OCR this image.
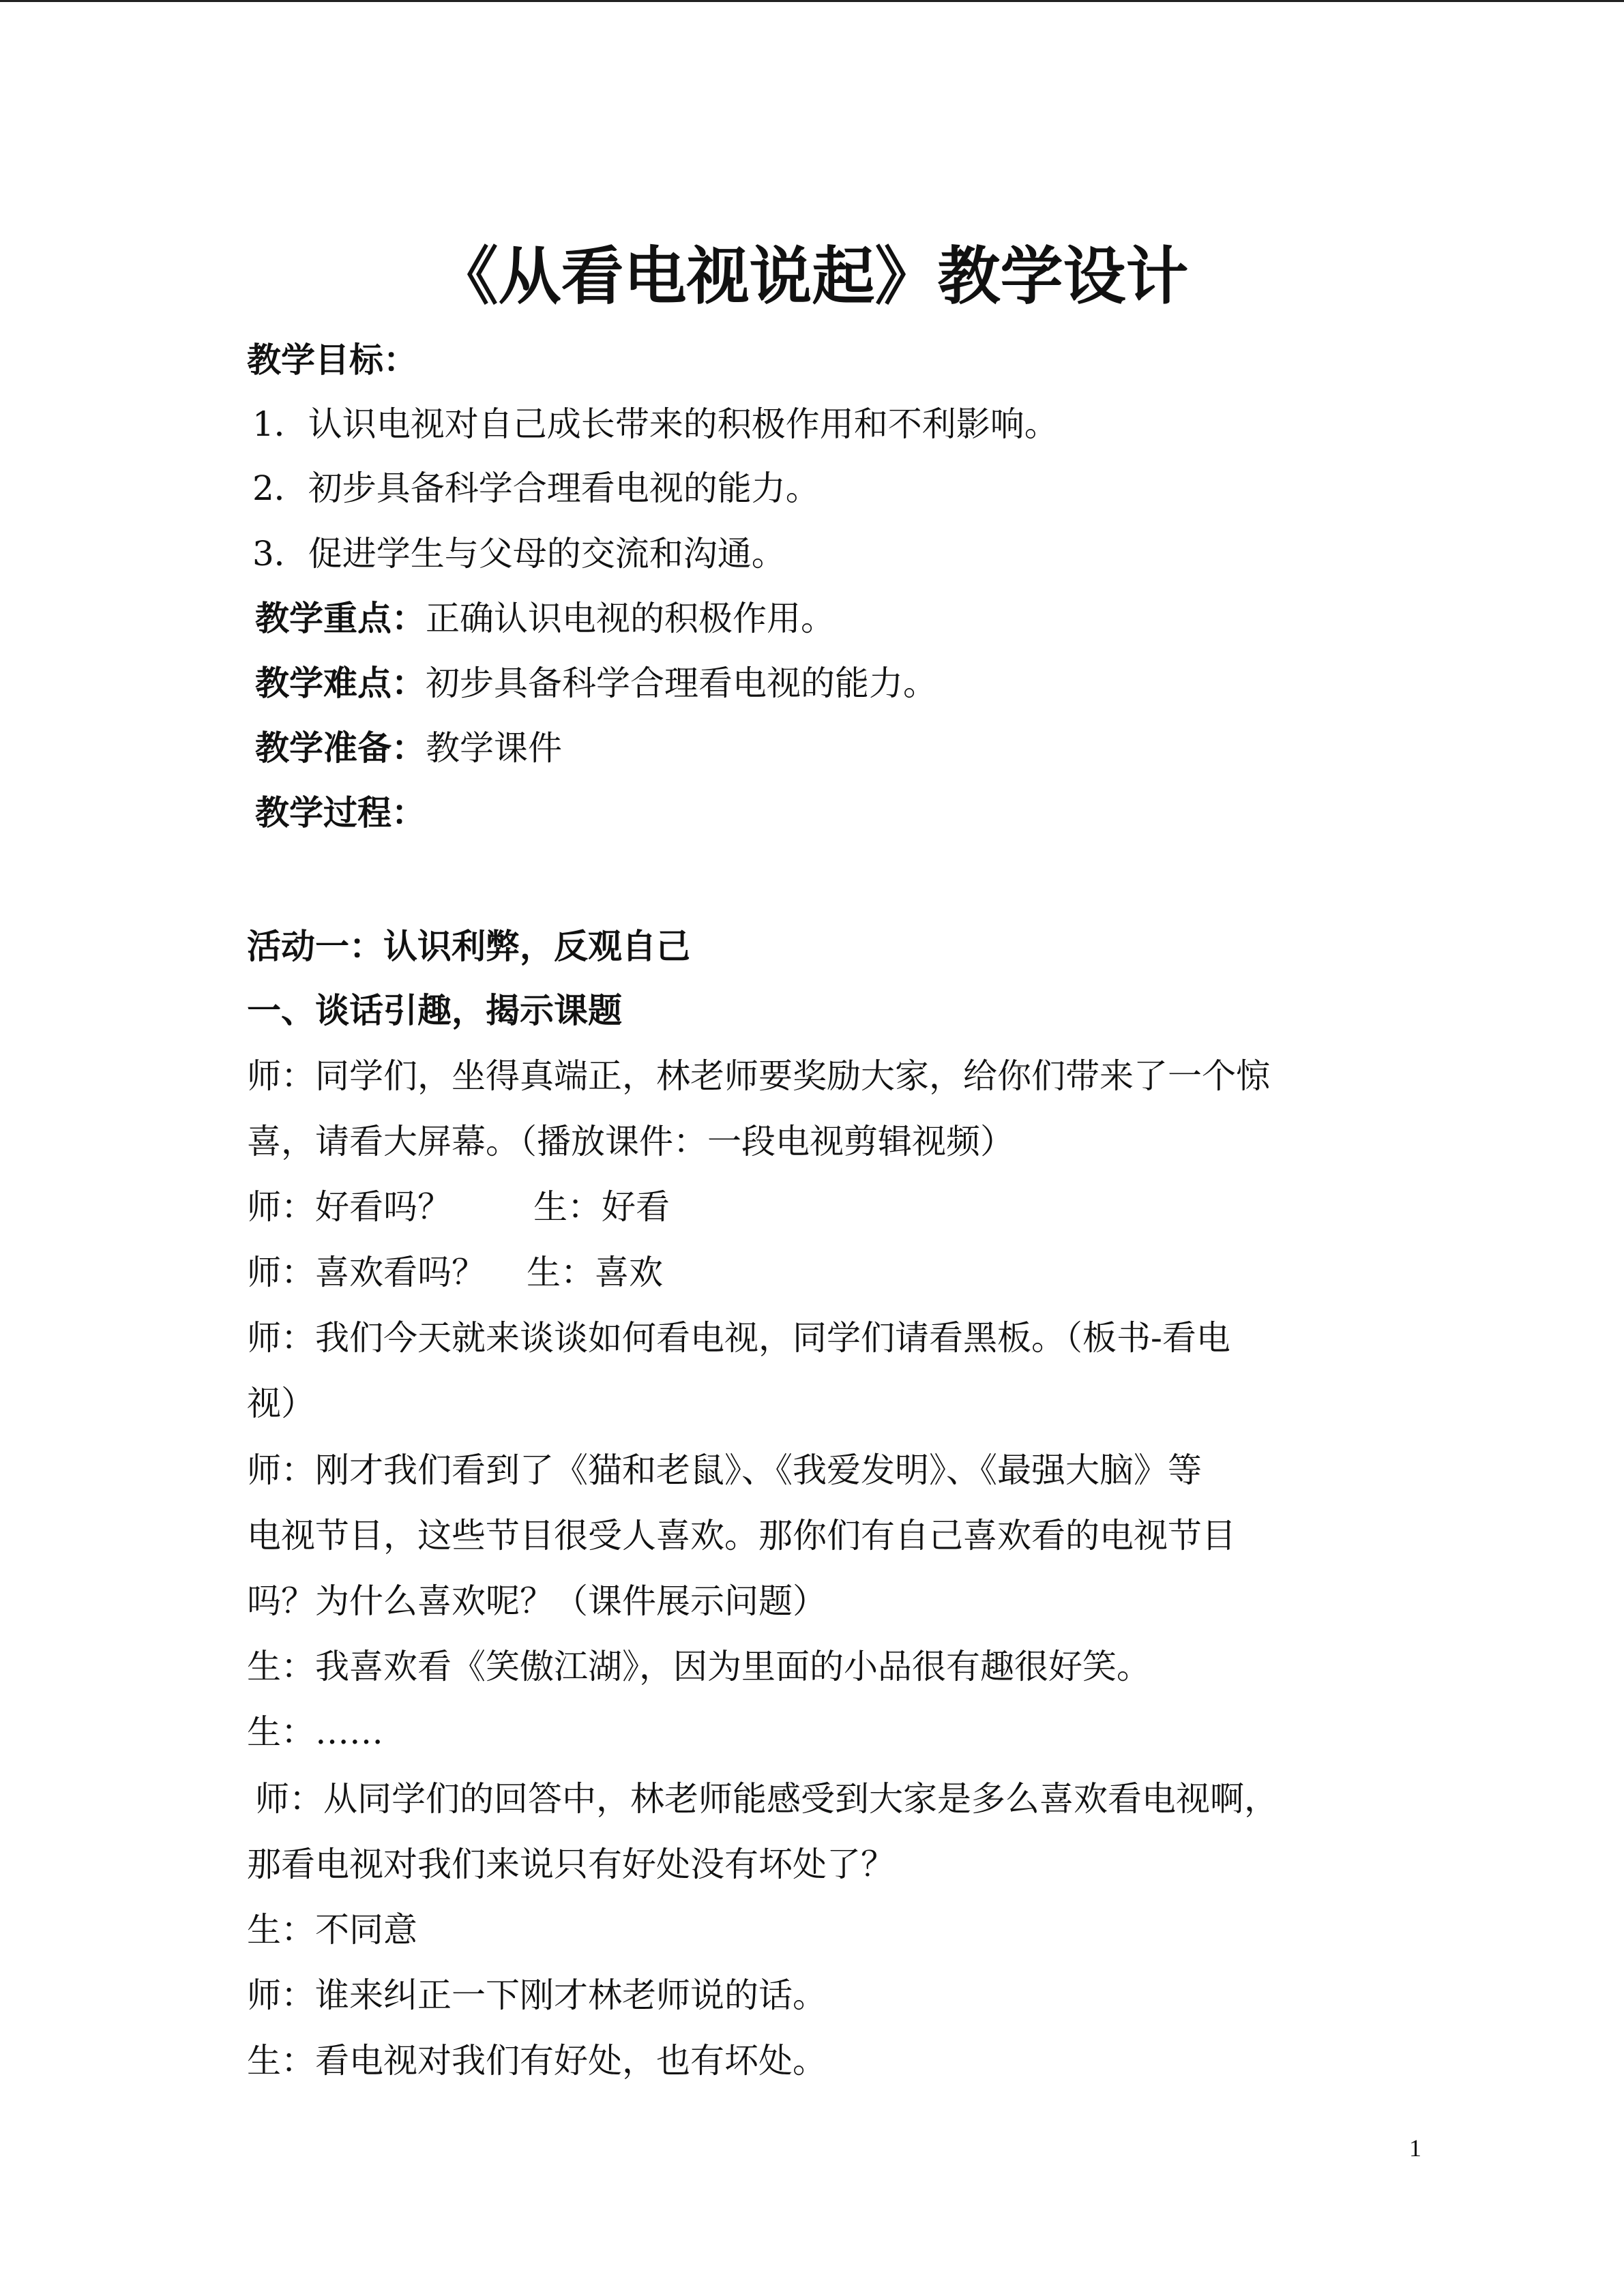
《从看电视说起》教学设计
教学目标：
1．认识电视对自己成长带来的积极作用和不利影响。
2．初步具备科学合理看电视的能力。
3．促进学生与父母的交流和沟通。
教学重点：正确认识电视的积极作用。
教学难点：初步具备科学合理看电视的能力。
教学准备：教学课件
教学过程：
活动一：认识利弊，反观自己
一、谈话引趣，揭示课题
师：同学们，坐得真端正，林老师要奖励大家，给你们带来了一个惊
喜，请看大屏幕。（播放课件：一段电视剪辑视频）
师：好看吗？ 生：好看
师：喜欢看吗？ 生：喜欢
师：我们今天就来谈谈如何看电视，同学们请看黑板。（板书-看电
视）
师：刚才我们看到了《猫和老鼠》、《我爱发明》、《最强大脑》等
电视节目，这些节目很受人喜欢。那你们有自己喜欢看的电视节目
吗？为什么喜欢呢？（课件展示问题）
生：我喜欢看《笑傲江湖》，因为里面的小品很有趣很好笑。
生：……
师：从同学们的回答中，林老师能感受到大家是多么喜欢看电视啊，
那看电视对我们来说只有好处没有坏处了？
生：不同意
师：谁来纠正一下刚才林老师说的话。
生：看电视对我们有好处，也有坏处。
1
